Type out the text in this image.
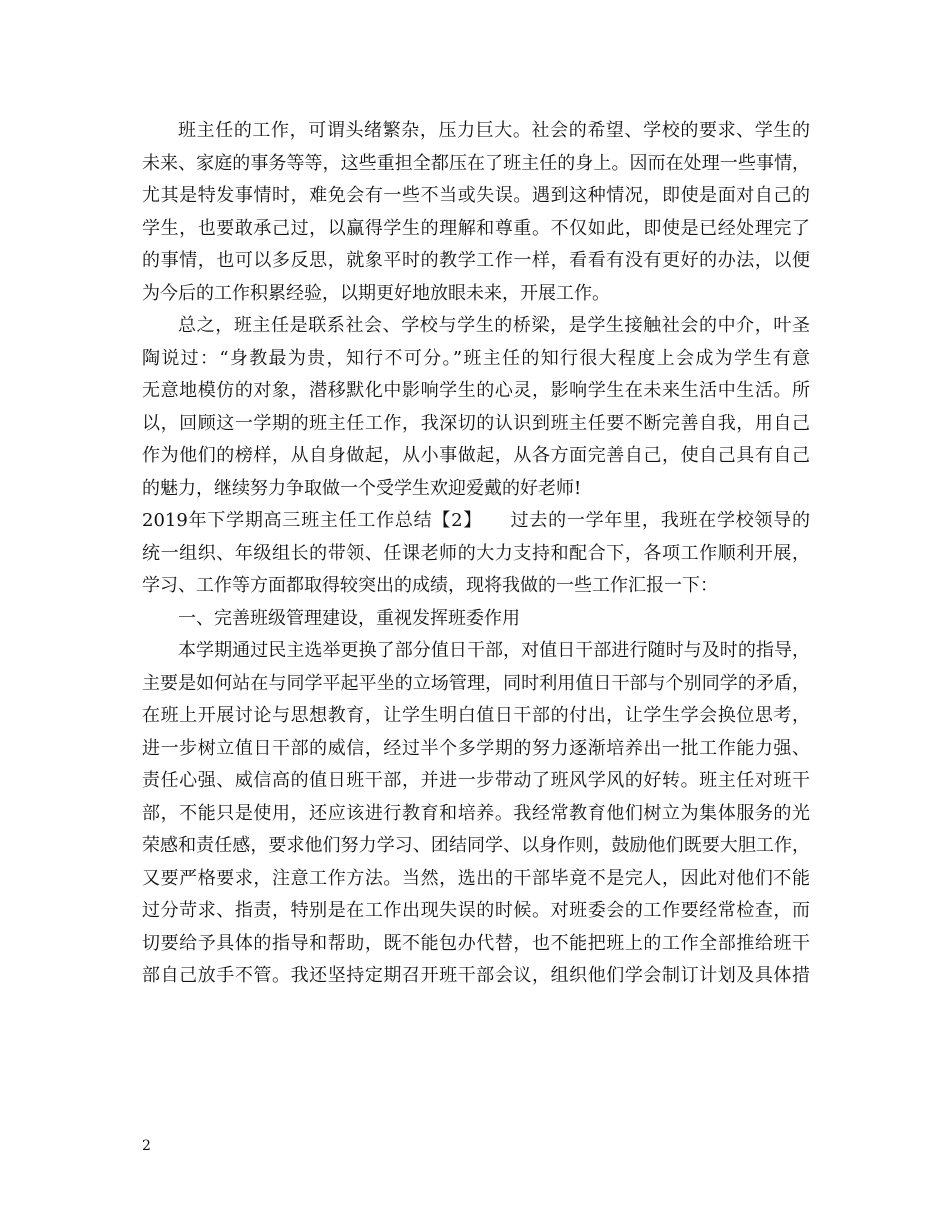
班主任的工作，可谓头绪繁杂，压力巨大。社会的希望、学校的要求、学生的
未来、家庭的事务等等，这些重担全都压在了班主任的身上。因而在处理一些事情，
尤其是特发事情时，难免会有一些不当或失误。遇到这种情况，即使是面对自己的
学生，也要敢承己过，以赢得学生的理解和尊重。不仅如此，即使是已经处理完了
的事情，也可以多反思，就象平时的教学工作一样，看看有没有更好的办法，以便
为今后的工作积累经验，以期更好地放眼未来，开展工作。
总之，班主任是联系社会、学校与学生的桥梁，是学生接触社会的中介，叶圣
陶说过：“身教最为贵，知行不可分。”班主任的知行很大程度上会成为学生有意
无意地模仿的对象，潜移默化中影响学生的心灵，影响学生在未来生活中生活。所
以，回顾这一学期的班主任工作，我深切的认识到班主任要不断完善自我，用自己
作为他们的榜样，从自身做起，从小事做起，从各方面完善自己，使自己具有自己
的魅力，继续努力争取做一个受学生欢迎爱戴的好老师!
2019年下学期高三班主任工作总结【2】　　过去的一学年里，我班在学校领导的
统一组织、年级组长的带领、任课老师的大力支持和配合下，各项工作顺利开展，
学习、工作等方面都取得较突出的成绩，现将我做的一些工作汇报一下：
一、完善班级管理建设，重视发挥班委作用
本学期通过民主选举更换了部分值日干部，对值日干部进行随时与及时的指导，
主要是如何站在与同学平起平坐的立场管理，同时利用值日干部与个别同学的矛盾，
在班上开展讨论与思想教育，让学生明白值日干部的付出，让学生学会换位思考，
进一步树立值日干部的威信，经过半个多学期的努力逐渐培养出一批工作能力强、
责任心强、威信高的值日班干部，并进一步带动了班风学风的好转。班主任对班干
部，不能只是使用，还应该进行教育和培养。我经常教育他们树立为集体服务的光
荣感和责任感，要求他们努力学习、团结同学、以身作则，鼓励他们既要大胆工作，
又要严格要求，注意工作方法。当然，选出的干部毕竟不是完人，因此对他们不能
过分苛求、指责，特别是在工作出现失误的时候。对班委会的工作要经常检查，而
切要给予具体的指导和帮助，既不能包办代替，也不能把班上的工作全部推给班干
部自己放手不管。我还坚持定期召开班干部会议，组织他们学会制订计划及具体措
2
